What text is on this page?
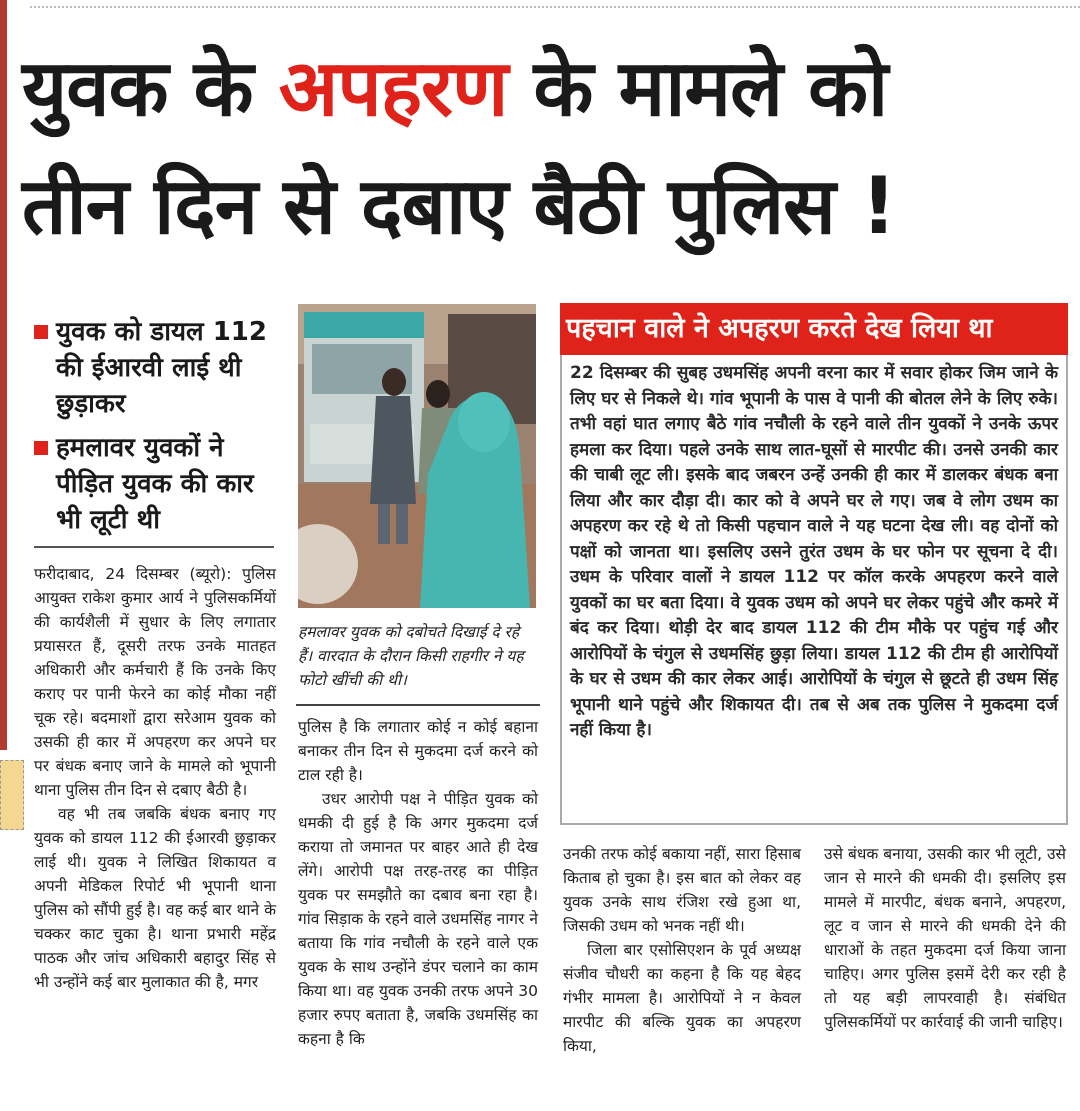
युवक के अपहरण के मामले को
तीन दिन से दबाए बैठी पुलिस !
युवक को डायल 112 की ईआरवी लाई थी छुड़ाकर
हमलावर युवकों ने पीड़ित युवक की कार भी लूटी थी
हमलावर युवक को दबोचते दिखाई दे रहे हैं। वारदात के दौरान किसी राहगीर ने यह फोटो खींची की थी।
पहचान वाले ने अपहरण करते देख लिया था
22 दिसम्बर की सुबह उधमसिंह अपनी वरना कार में सवार होकर जिम जाने के लिए घर से निकले थे। गांव भूपानी के पास वे पानी की बोतल लेने के लिए रुके। तभी वहां घात लगाए बैठे गांव नचौली के रहने वाले तीन युवकों ने उनके ऊपर हमला कर दिया। पहले उनके साथ लात-घूसों से मारपीट की। उनसे उनकी कार की चाबी लूट ली। इसके बाद जबरन उन्हें उनकी ही कार में डालकर बंधक बना लिया और कार दौड़ा दी। कार को वे अपने घर ले गए। जब वे लोग उधम का अपहरण कर रहे थे तो किसी पहचान वाले ने यह घटना देख ली। वह दोनों को पक्षों को जानता था। इसलिए उसने तुरंत उधम के घर फोन पर सूचना दे दी। उधम के परिवार वालों ने डायल 112 पर कॉल करके अपहरण करने वाले युवकों का घर बता दिया। वे युवक उधम को अपने घर लेकर पहुंचे और कमरे में बंद कर दिया। थोड़ी देर बाद डायल 112 की टीम मौके पर पहुंच गई और आरोपियों के चंगुल से उधमसिंह छुड़ा लिया। डायल 112 की टीम ही आरोपियों के घर से उधम की कार लेकर आई। आरोपियों के चंगुल से छूटते ही उधम सिंह भूपानी थाने पहुंचे और शिकायत दी। तब से अब तक पुलिस ने मुकदमा दर्ज नहीं किया है।

फरीदाबाद, 24 दिसम्बर (ब्यूरो): पुलिस आयुक्त राकेश कुमार आर्य ने पुलिसकर्मियों की कार्यशैली में सुधार के लिए लगातार प्रयासरत हैं, दूसरी तरफ उनके मातहत अधिकारी और कर्मचारी हैं कि उनके किए कराए पर पानी फेरने का कोई मौका नहीं चूक रहे। बदमाशों द्वारा सरेआम युवक को उसकी ही कार में अपहरण कर अपने घर पर बंधक बनाए जाने के मामले को भूपानी थाना पुलिस तीन दिन से दबाए बैठी है।

वह भी तब जबकि बंधक बनाए गए युवक को डायल 112 की ईआरवी छुड़ाकर लाई थी। युवक ने लिखित शिकायत व अपनी मेडिकल रिपोर्ट भी भूपानी थाना पुलिस को सौंपी हुई है। वह कई बार थाने के चक्कर काट चुका है। थाना प्रभारी महेंद्र पाठक और जांच अधिकारी बहादुर सिंह से भी उन्होंने कई बार मुलाकात की है, मगर

पुलिस है कि लगातार कोई न कोई बहाना बनाकर तीन दिन से मुकदमा दर्ज करने को टाल रही है।

उधर आरोपी पक्ष ने पीड़ित युवक को धमकी दी हुई है कि अगर मुकदमा दर्ज कराया तो जमानत पर बाहर आते ही देख लेंगे। आरोपी पक्ष तरह-तरह का पीड़ित युवक पर समझौते का दबाव बना रहा है। गांव सिड़ाक के रहने वाले उधमसिंह नागर ने बताया कि गांव नचौली के रहने वाले एक युवक के साथ उन्होंने डंपर चलाने का काम किया था। वह युवक उनकी तरफ अपने 30 हजार रुपए बताता है, जबकि उधमसिंह का कहना है कि

उनकी तरफ कोई बकाया नहीं, सारा हिसाब किताब हो चुका है। इस बात को लेकर वह युवक उनके साथ रंजिश रखे हुआ था, जिसकी उधम को भनक नहीं थी।

जिला बार एसोसिएशन के पूर्व अध्यक्ष संजीव चौधरी का कहना है कि यह बेहद गंभीर मामला है। आरोपियों ने न केवल मारपीट की बल्कि युवक का अपहरण किया,

उसे बंधक बनाया, उसकी कार भी लूटी, उसे जान से मारने की धमकी दी। इसलिए इस मामले में मारपीट, बंधक बनाने, अपहरण, लूट व जान से मारने की धमकी देने की धाराओं के तहत मुकदमा दर्ज किया जाना चाहिए। अगर पुलिस इसमें देरी कर रही है तो यह बड़ी लापरवाही है। संबंधित पुलिसकर्मियों पर कार्रवाई की जानी चाहिए।
